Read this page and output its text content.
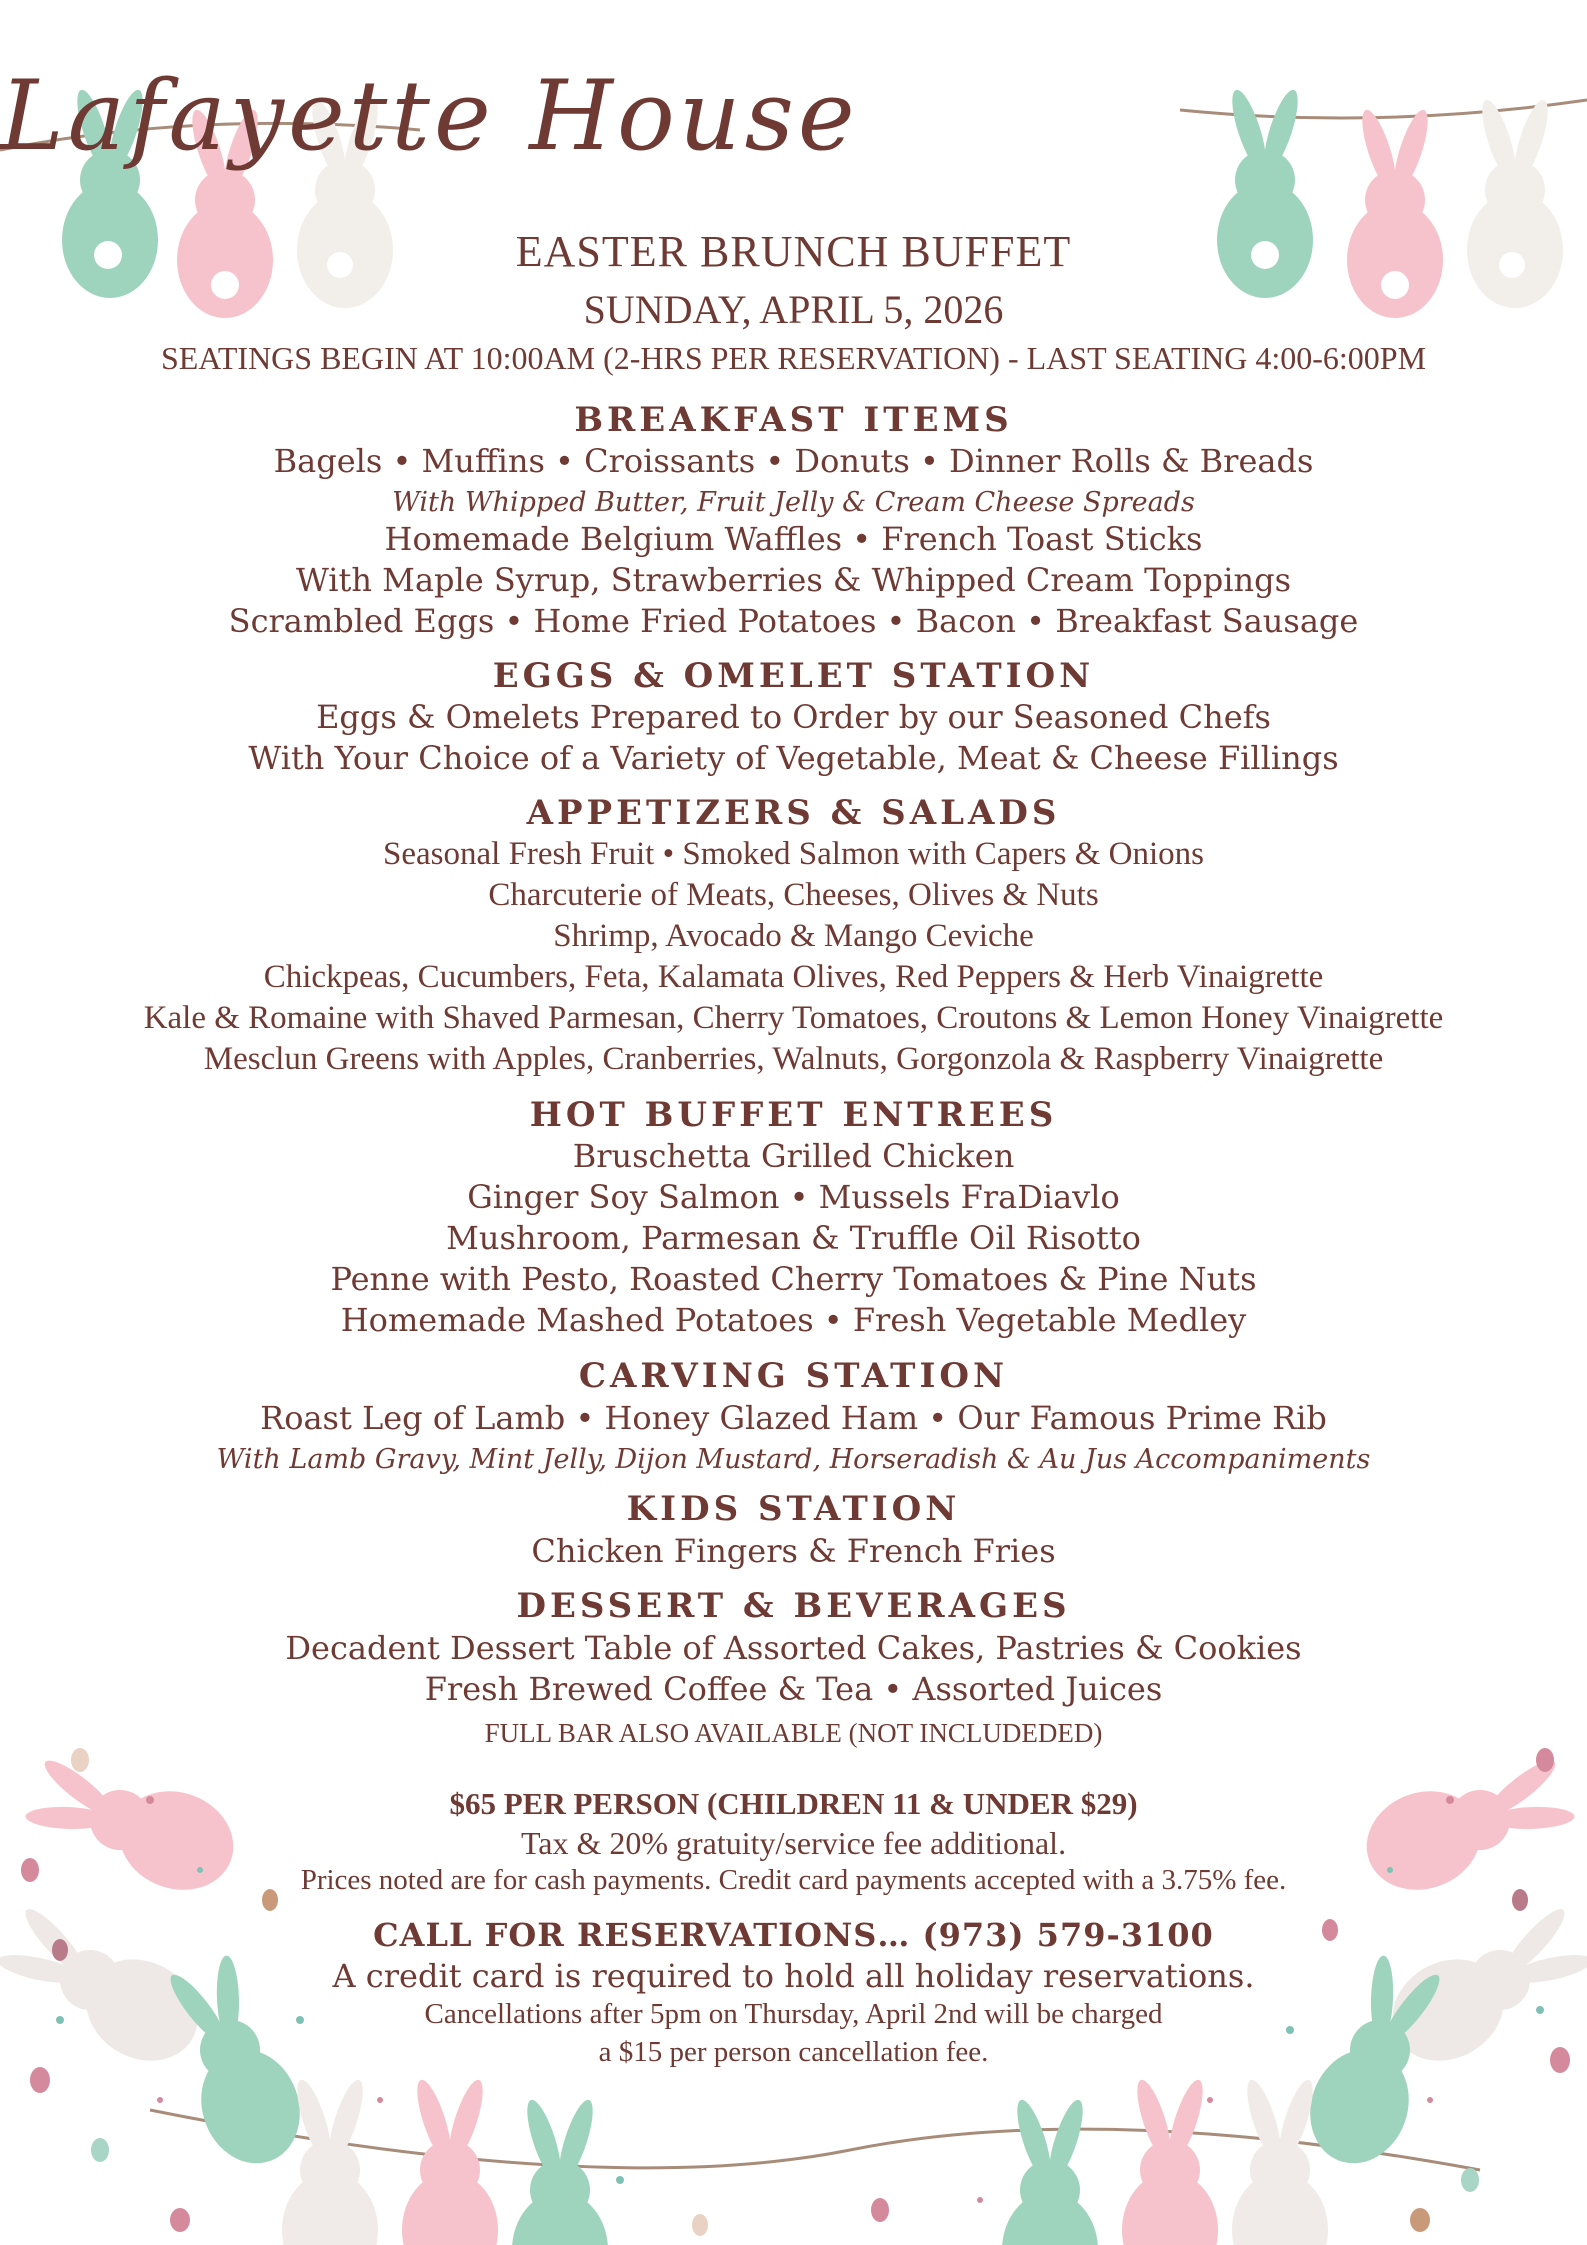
Lafayette House
EASTER BRUNCH BUFFET
SUNDAY, APRIL 5, 2026
SEATINGS BEGIN AT 10:00AM (2-HRS PER RESERVATION) - LAST SEATING 4:00-6:00PM
BREAKFAST ITEMS
Bagels • Muffins • Croissants • Donuts • Dinner Rolls & Breads
With Whipped Butter, Fruit Jelly & Cream Cheese Spreads
Homemade Belgium Waffles • French Toast Sticks
With Maple Syrup, Strawberries & Whipped Cream Toppings
Scrambled Eggs • Home Fried Potatoes • Bacon • Breakfast Sausage
EGGS & OMELET STATION
Eggs & Omelets Prepared to Order by our Seasoned Chefs
With Your Choice of a Variety of Vegetable, Meat & Cheese Fillings
APPETIZERS & SALADS
Seasonal Fresh Fruit • Smoked Salmon with Capers & Onions
Charcuterie of Meats, Cheeses, Olives & Nuts
Shrimp, Avocado & Mango Ceviche
Chickpeas, Cucumbers, Feta, Kalamata Olives, Red Peppers & Herb Vinaigrette
Kale & Romaine with Shaved Parmesan, Cherry Tomatoes, Croutons & Lemon Honey Vinaigrette
Mesclun Greens with Apples, Cranberries, Walnuts, Gorgonzola & Raspberry Vinaigrette
HOT BUFFET ENTREES
Bruschetta Grilled Chicken
Ginger Soy Salmon • Mussels FraDiavlo
Mushroom, Parmesan & Truffle Oil Risotto
Penne with Pesto, Roasted Cherry Tomatoes & Pine Nuts
Homemade Mashed Potatoes • Fresh Vegetable Medley
CARVING STATION
Roast Leg of Lamb • Honey Glazed Ham • Our Famous Prime Rib
With Lamb Gravy, Mint Jelly, Dijon Mustard, Horseradish & Au Jus Accompaniments
KIDS STATION
Chicken Fingers & French Fries
DESSERT & BEVERAGES
Decadent Dessert Table of Assorted Cakes, Pastries & Cookies
Fresh Brewed Coffee & Tea • Assorted Juices
FULL BAR ALSO AVAILABLE (NOT INCLUDEDED)
$65 PER PERSON (CHILDREN 11 & UNDER $29)
Tax & 20% gratuity/service fee additional.
Prices noted are for cash payments. Credit card payments accepted with a 3.75% fee.
CALL FOR RESERVATIONS… (973) 579-3100
A credit card is required to hold all holiday reservations.
Cancellations after 5pm on Thursday, April 2nd will be charged
a $15 per person cancellation fee.
